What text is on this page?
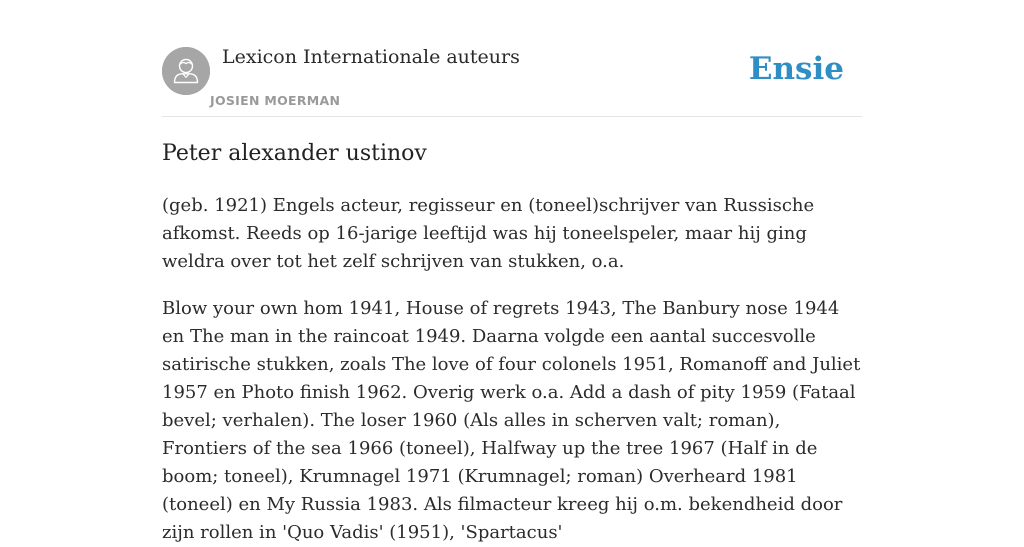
Lexicon Internationale auteurs
JOSIEN MOERMAN
Ensie
Peter alexander ustinov

(geb. 1921) Engels acteur, regisseur en (toneel)schrijver van Russische afkomst. Reeds op 16-jarige leeftijd was hij toneelspeler, maar hij ging weldra over tot het zelf schrijven van stukken, o.a.

Blow your own hom 1941, House of regrets 1943, The Banbury nose 1944 en The man in the raincoat 1949. Daarna volgde een aantal succesvolle satirische stukken, zoals The love of four colonels 1951, Romanoff and Juliet 1957 en Photo finish 1962. Overig werk o.a. Add a dash of pity 1959 (Fataal bevel; verhalen). The loser 1960 (Als alles in scherven valt; roman), Frontiers of the sea 1966 (toneel), Halfway up the tree 1967 (Half in de boom; toneel), Krumnagel 1971 (Krumnagel; roman) Overheard 1981 (toneel) en My Russia 1983. Als filmacteur kreeg hij o.m. bekendheid door zijn rollen in 'Quo Vadis' (1951), 'Spartacus'
